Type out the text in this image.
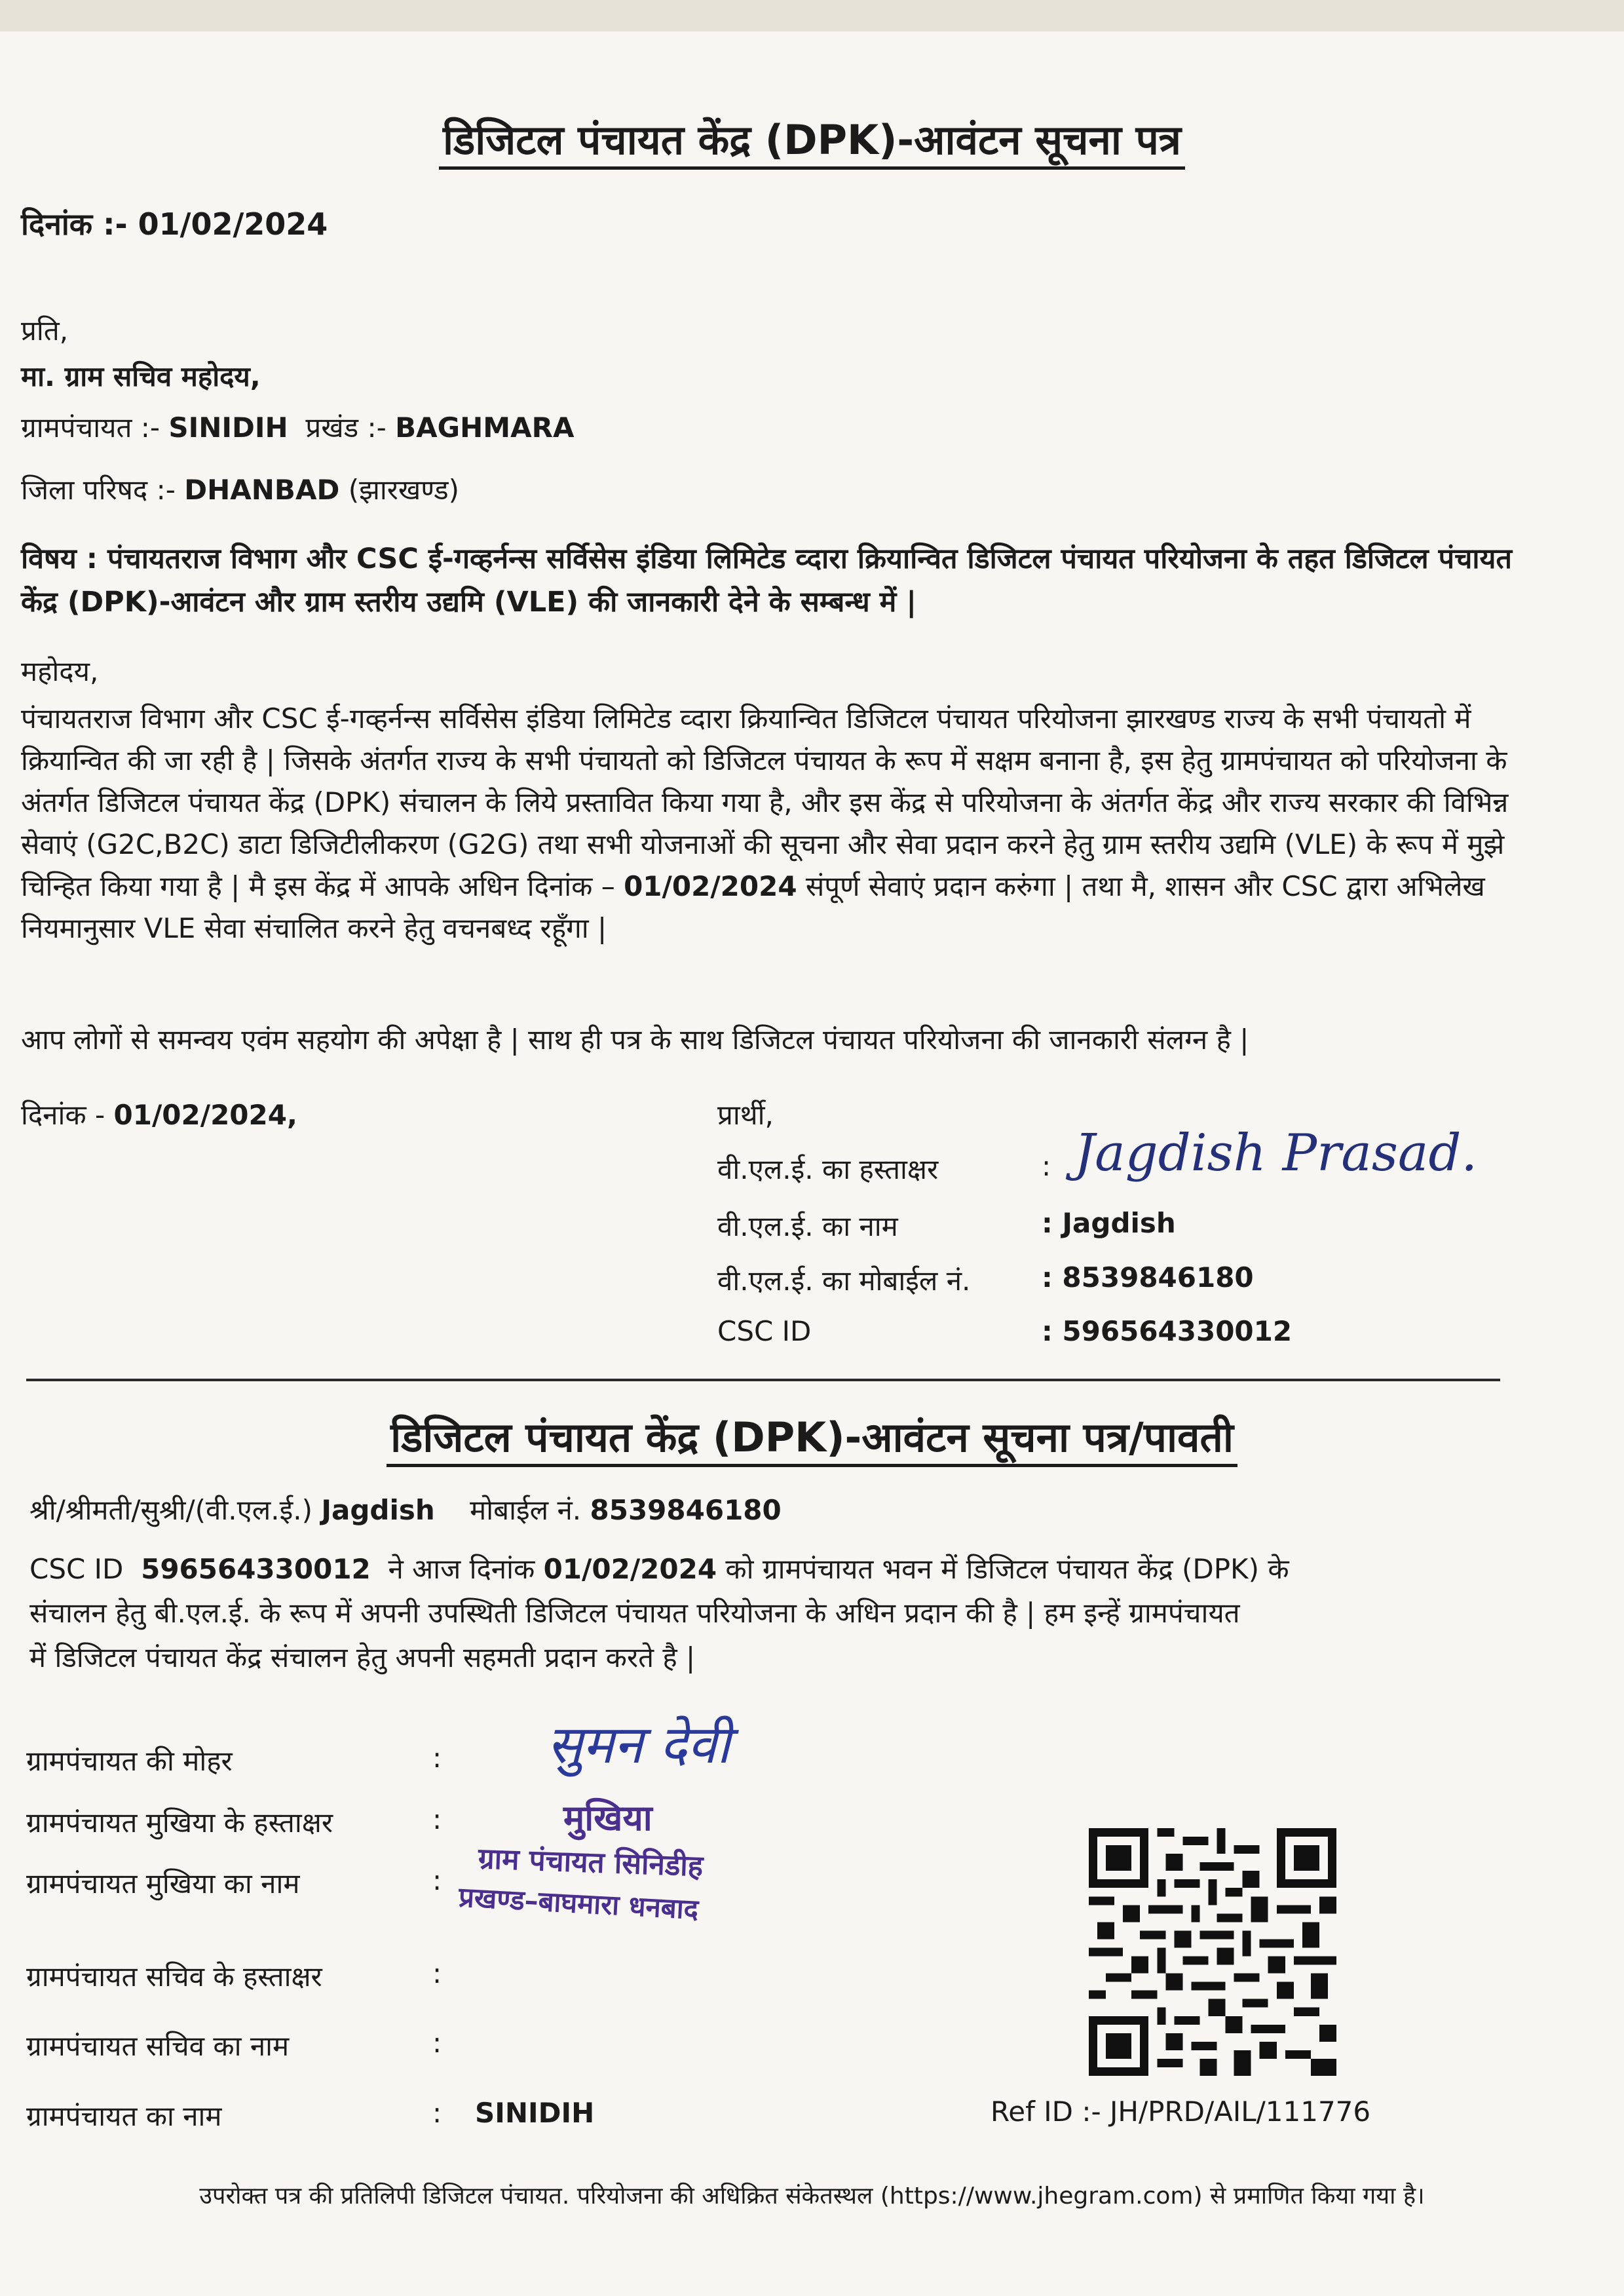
डिजिटल पंचायत केंद्र (DPK)-आवंटन सूचना पत्र
दिनांक :- 01/02/2024
प्रति,
मा. ग्राम सचिव महोदय,
ग्रामपंचायत :- SINIDIH प्रखंड :- BAGHMARA
जिला परिषद :- DHANBAD (झारखण्ड)
विषय : पंचायतराज विभाग और CSC ई-गव्हर्नन्स सर्विसेस इंडिया लिमिटेड व्दारा क्रियान्वित डिजिटल पंचायत परियोजना के तहत डिजिटल पंचायत केंद्र (DPK)-आवंटन और ग्राम स्तरीय उद्यमि (VLE) की जानकारी देने के सम्बन्ध में |
महोदय,
पंचायतराज विभाग और CSC ई-गव्हर्नन्स सर्विसेस इंडिया लिमिटेड व्दारा क्रियान्वित डिजिटल पंचायत परियोजना झारखण्ड राज्य के सभी पंचायतो में क्रियान्वित की जा रही है | जिसके अंतर्गत राज्य के सभी पंचायतो को डिजिटल पंचायत के रूप में सक्षम बनाना है, इस हेतु ग्रामपंचायत को परियोजना के अंतर्गत डिजिटल पंचायत केंद्र (DPK) संचालन के लिये प्रस्तावित किया गया है, और इस केंद्र से परियोजना के अंतर्गत केंद्र और राज्य सरकार की विभिन्न सेवाएं (G2C,B2C) डाटा डिजिटीलीकरण (G2G) तथा सभी योजनाओं की सूचना और सेवा प्रदान करने हेतु ग्राम स्तरीय उद्यमि (VLE) के रूप में मुझे चिन्हित किया गया है | मै इस केंद्र में आपके अधिन दिनांक – 01/02/2024 संपूर्ण सेवाएं प्रदान करुंगा | तथा मै, शासन और CSC द्वारा अभिलेख नियमानुसार VLE सेवा संचालित करने हेतु वचनबध्द रहूँगा |
आप लोगों से समन्वय एवंम सहयोग की अपेक्षा है | साथ ही पत्र के साथ डिजिटल पंचायत परियोजना की जानकारी संलग्न है |
दिनांक - 01/02/2024,	प्रार्थी,
वी.एल.ई. का हस्ताक्षर	: Jagdish Prasad.
वी.एल.ई. का नाम	: Jagdish
वी.एल.ई. का मोबाईल नं.	: 8539846180
CSC ID	: 596564330012
डिजिटल पंचायत केंद्र (DPK)-आवंटन सूचना पत्र/पावती
श्री/श्रीमती/सुश्री/(वी.एल.ई.) Jagdish मोबाईल नं. 8539846180
CSC ID 596564330012 ने आज दिनांक 01/02/2024 को ग्रामपंचायत भवन में डिजिटल पंचायत केंद्र (DPK) के
संचालन हेतु बी.एल.ई. के रूप में अपनी उपस्थिती डिजिटल पंचायत परियोजना के अधिन प्रदान की है | हम इन्हें ग्रामपंचायत
में डिजिटल पंचायत केंद्र संचालन हेतु अपनी सहमती प्रदान करते है |
ग्रामपंचायत की मोहर	:
ग्रामपंचायत मुखिया के हस्ताक्षर	:
ग्रामपंचायत मुखिया का नाम	:
ग्रामपंचायत सचिव के हस्ताक्षर	:
ग्रामपंचायत सचिव का नाम	:
ग्रामपंचायत का नाम	: SINIDIH
सुमन देवी
मुखिया
ग्राम पंचायत सिनिडीह
प्रखण्ड–बाघमारा धनबाद
Ref ID :- JH/PRD/AIL/111776
उपरोक्त पत्र की प्रतिलिपी डिजिटल पंचायत. परियोजना की अधिक्रित संकेतस्थल (https://www.jhegram.com) से प्रमाणित किया गया है।
